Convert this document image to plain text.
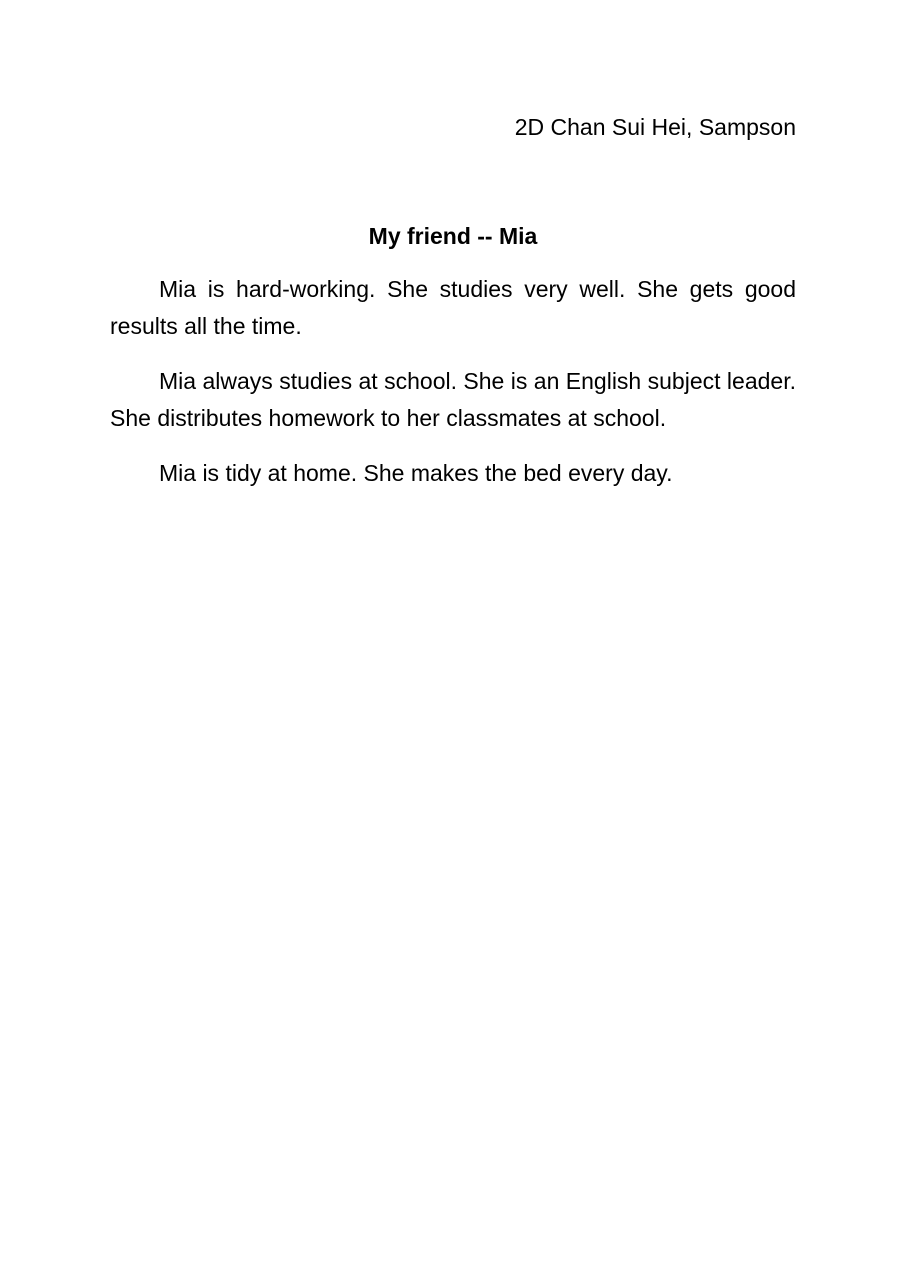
2D Chan Sui Hei, Sampson

My friend -- Mia

Mia is hard-working. She studies very well. She gets good results all the time.

Mia always studies at school. She is an English subject leader. She distributes homework to her classmates at school.

Mia is tidy at home. She makes the bed every day.
